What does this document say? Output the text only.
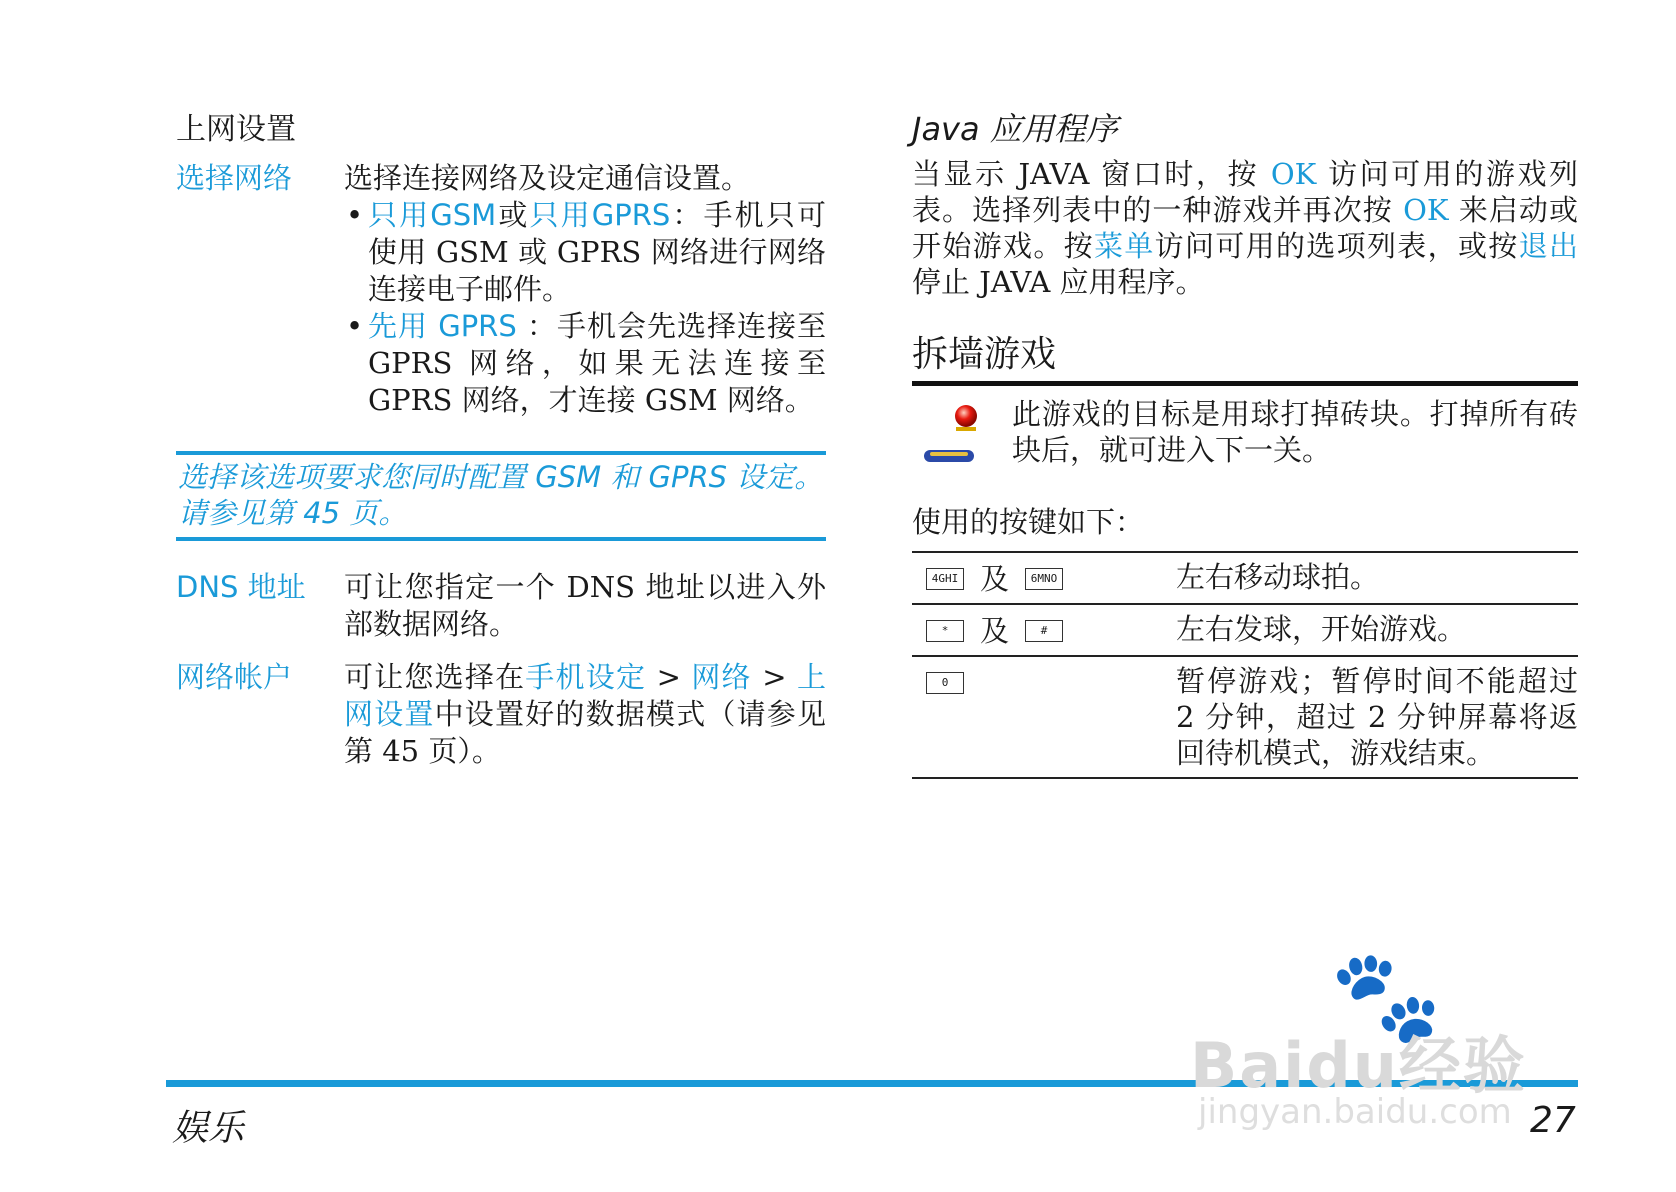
上网设置
选择网络	选择连接网络及设定通信设置。

• 只用GSM或只用GPRS：手机只可使用 GSM 或 GPRS 网络进行网络连接电子邮件。
• 先用 GPRS ：手机会先选择连接至 GPRS 网络，如果无法连接至 GPRS 网络，才连接 GSM 网络。
选择该选项要求您同时配置 GSM 和 GPRS 设定。请参见第 45 页。
DNS 地址	可让您指定一个 DNS 地址以进入外部数据网络。

网络帐户	可让您选择在手机设定 > 网络 > 上网设置中设置好的数据模式（请参见第 45 页）。

Java 应用程序

当显示 JAVA 窗口时，按 OK 访问可用的游戏列表。选择列表中的一种游戏并再次按 OK 来启动或开始游戏。按菜单访问可用的选项列表，或按退出停止 JAVA 应用程序。

拆墙游戏

此游戏的目标是用球打掉砖块。打掉所有砖块后，就可进入下一关。

使用的按键如下：

4GHI 及 6MNO	左右移动球拍。
* 及 #	左右发球，开始游戏。
0	暂停游戏；暂停时间不能超过 2 分钟，超过 2 分钟屏幕将返回待机模式，游戏结束。
娱乐	27
🐾
Baidu经验
jingyan.baidu.com
